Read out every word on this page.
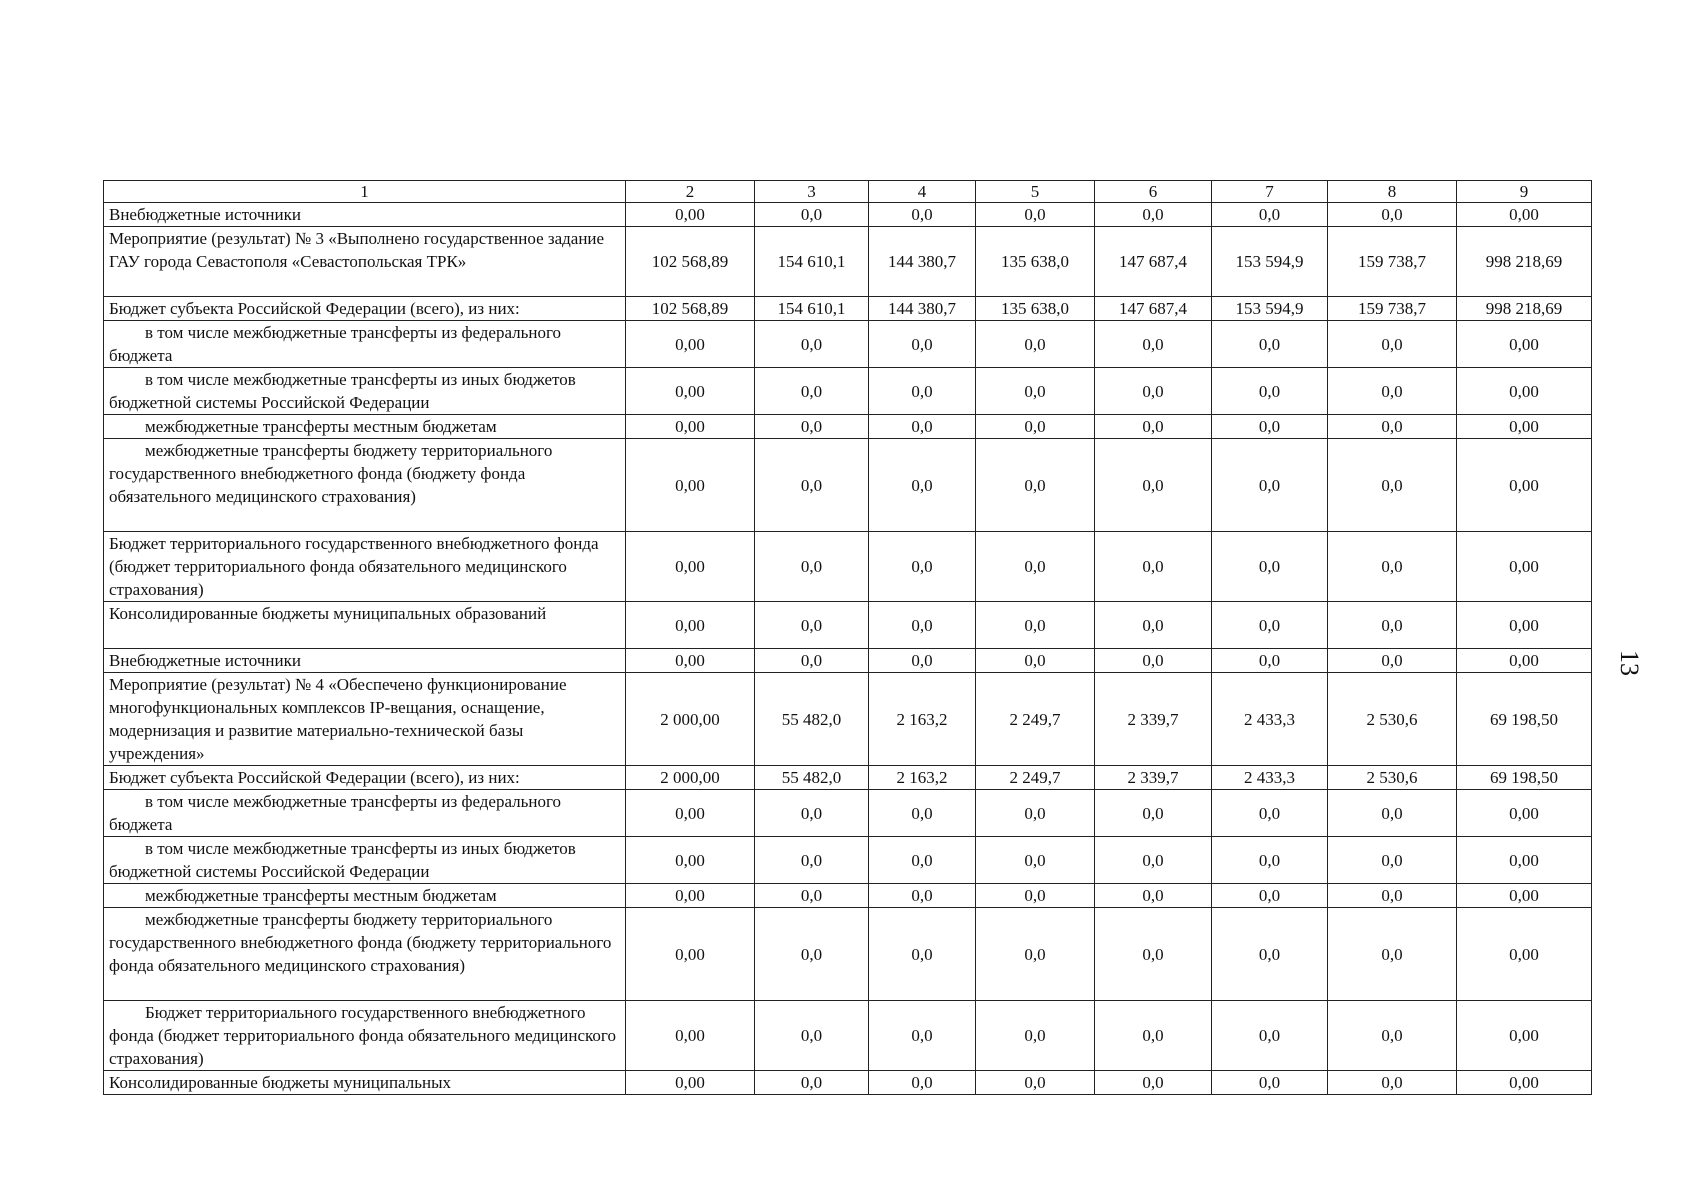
1	2	3	4	5	6	7	8	9
Внебюджетные источники	0,00	0,0	0,0	0,0	0,0	0,0	0,0	0,00
Мероприятие (результат) № 3 «Выполнено государственное задание ГАУ города Севастополя «Севастопольская ТРК»	102 568,89	154 610,1	144 380,7	135 638,0	147 687,4	153 594,9	159 738,7	998 218,69
Бюджет субъекта Российской Федерации (всего), из них:	102 568,89	154 610,1	144 380,7	135 638,0	147 687,4	153 594,9	159 738,7	998 218,69

в том числе межбюджетные трансферты из федерального бюджета	0,00	0,0	0,0	0,0	0,0	0,0	0,0	0,00

в том числе межбюджетные трансферты из иных бюджетов бюджетной системы Российской Федерации	0,00	0,0	0,0	0,0	0,0	0,0	0,0	0,00

межбюджетные трансферты местным бюджетам	0,00	0,0	0,0	0,0	0,0	0,0	0,0	0,00

межбюджетные трансферты бюджету территориального государственного внебюджетного фонда (бюджету фонда обязательного медицинского страхования)	0,00	0,0	0,0	0,0	0,0	0,0	0,0	0,00
Бюджет территориального государственного внебюджетного фонда (бюджет территориального фонда обязательного медицинского страхования)	0,00	0,0	0,0	0,0	0,0	0,0	0,0	0,00
Консолидированные бюджеты муниципальных образований	0,00	0,0	0,0	0,0	0,0	0,0	0,0	0,00
Внебюджетные источники	0,00	0,0	0,0	0,0	0,0	0,0	0,0	0,00
Мероприятие (результат) № 4 «Обеспечено функционирование многофункциональных комплексов IP-вещания, оснащение, модернизация и развитие материально-технической базы учреждения»	2 000,00	55 482,0	2 163,2	2 249,7	2 339,7	2 433,3	2 530,6	69 198,50
Бюджет субъекта Российской Федерации (всего), из них:	2 000,00	55 482,0	2 163,2	2 249,7	2 339,7	2 433,3	2 530,6	69 198,50

в том числе межбюджетные трансферты из федерального бюджета	0,00	0,0	0,0	0,0	0,0	0,0	0,0	0,00

в том числе межбюджетные трансферты из иных бюджетов бюджетной системы Российской Федерации	0,00	0,0	0,0	0,0	0,0	0,0	0,0	0,00

межбюджетные трансферты местным бюджетам	0,00	0,0	0,0	0,0	0,0	0,0	0,0	0,00

межбюджетные трансферты бюджету территориального государственного внебюджетного фонда (бюджету территориального фонда обязательного медицинского страхования)	0,00	0,0	0,0	0,0	0,0	0,0	0,0	0,00

Бюджет территориального государственного внебюджетного фонда (бюджет территориального фонда обязательного медицинского страхования)	0,00	0,0	0,0	0,0	0,0	0,0	0,0	0,00
Консолидированные бюджеты муниципальных	0,00	0,0	0,0	0,0	0,0	0,0	0,0	0,00
13
